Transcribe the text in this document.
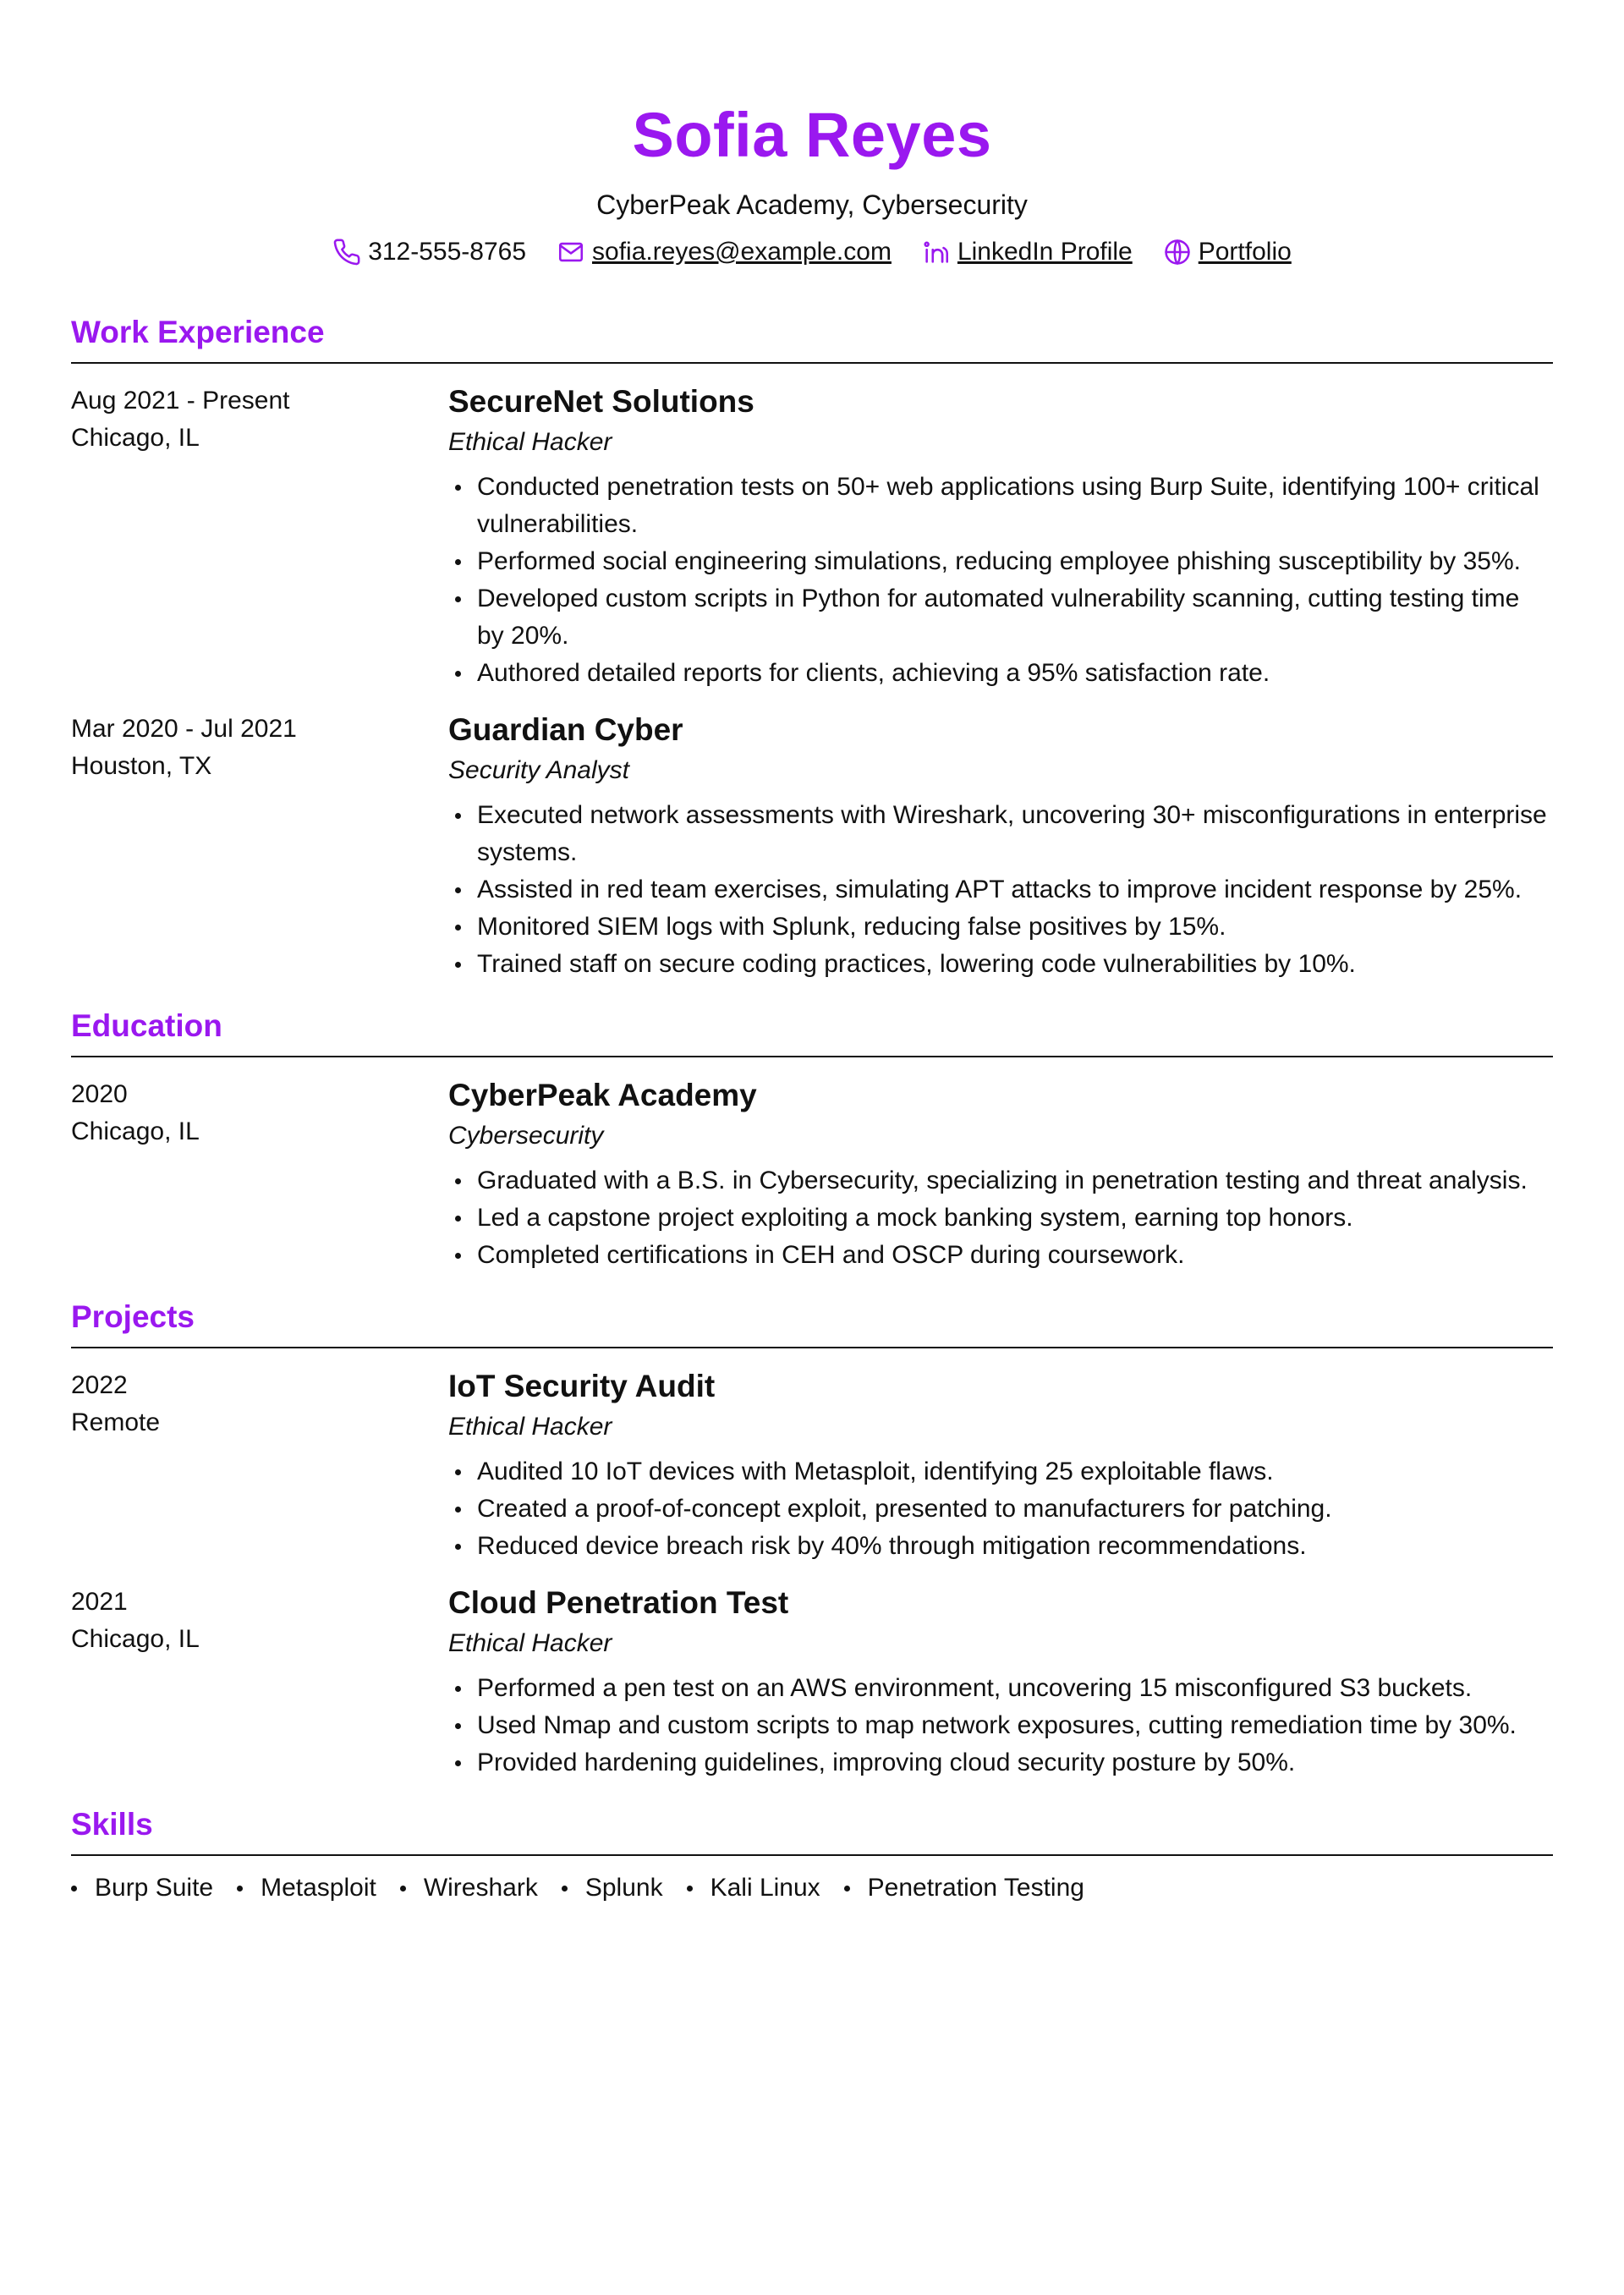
Sofia Reyes
CyberPeak Academy, Cybersecurity
312-555-8765	sofia.reyes@example.com	LinkedIn Profile	Portfolio
Work Experience
Aug 2021 - Present
Chicago, IL
SecureNet Solutions
Ethical Hacker
Conducted penetration tests on 50+ web applications using Burp Suite, identifying 100+ critical vulnerabilities.
Performed social engineering simulations, reducing employee phishing susceptibility by 35%.
Developed custom scripts in Python for automated vulnerability scanning, cutting testing time by 20%.
Authored detailed reports for clients, achieving a 95% satisfaction rate.
Mar 2020 - Jul 2021
Houston, TX
Guardian Cyber
Security Analyst
Executed network assessments with Wireshark, uncovering 30+ misconfigurations in enterprise systems.
Assisted in red team exercises, simulating APT attacks to improve incident response by 25%.
Monitored SIEM logs with Splunk, reducing false positives by 15%.
Trained staff on secure coding practices, lowering code vulnerabilities by 10%.
Education
2020
Chicago, IL
CyberPeak Academy
Cybersecurity
Graduated with a B.S. in Cybersecurity, specializing in penetration testing and threat analysis.
Led a capstone project exploiting a mock banking system, earning top honors.
Completed certifications in CEH and OSCP during coursework.
Projects
2022
Remote
IoT Security Audit
Ethical Hacker
Audited 10 IoT devices with Metasploit, identifying 25 exploitable flaws.
Created a proof-of-concept exploit, presented to manufacturers for patching.
Reduced device breach risk by 40% through mitigation recommendations.
2021
Chicago, IL
Cloud Penetration Test
Ethical Hacker
Performed a pen test on an AWS environment, uncovering 15 misconfigured S3 buckets.
Used Nmap and custom scripts to map network exposures, cutting remediation time by 30%.
Provided hardening guidelines, improving cloud security posture by 50%.
Skills
Burp Suite	Metasploit	Wireshark	Splunk	Kali Linux	Penetration Testing
